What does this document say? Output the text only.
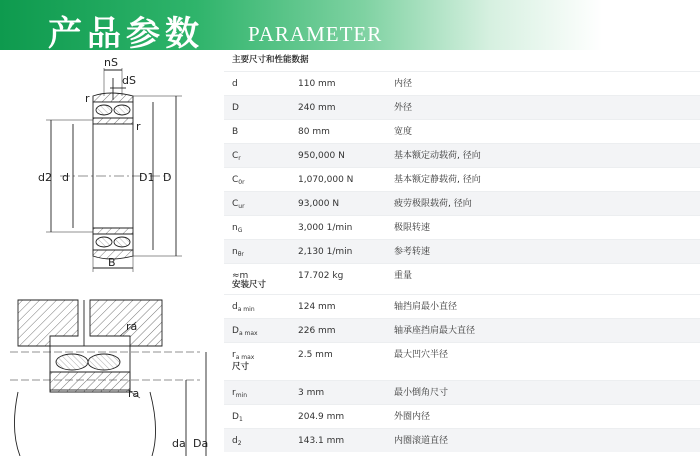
产品参数 PARAMETER
nS
dS
r
r
d2 d	D1 D
B
ra
ra
da Da
主要尺寸和性能数据
d	110 mm	内径
D	240 mm	外径
B	80 mm	宽度
$C_r$	950,000 N	基本额定动载荷, 径向
$C_{0r}$	1,070,000 N	基本额定静载荷, 径向
$C_{ur}$	93,000 N	疲劳极限载荷, 径向
$n_G$	3,000 1/min	极限转速
$n_{\theta r}$	2,130 1/min	参考转速
≈m	17.702 kg	重量
安装尺寸
$d_{a min}$	124 mm	轴挡肩最小直径
$D_{a max}$	226 mm	轴承座挡肩最大直径
$r_{a max}$	2.5 mm	最大凹穴半径
尺寸
$r_{min}$	3 mm	最小倒角尺寸
$D_1$	204.9 mm	外圈内径
$d_2$	143.1 mm	内圈滚道直径
